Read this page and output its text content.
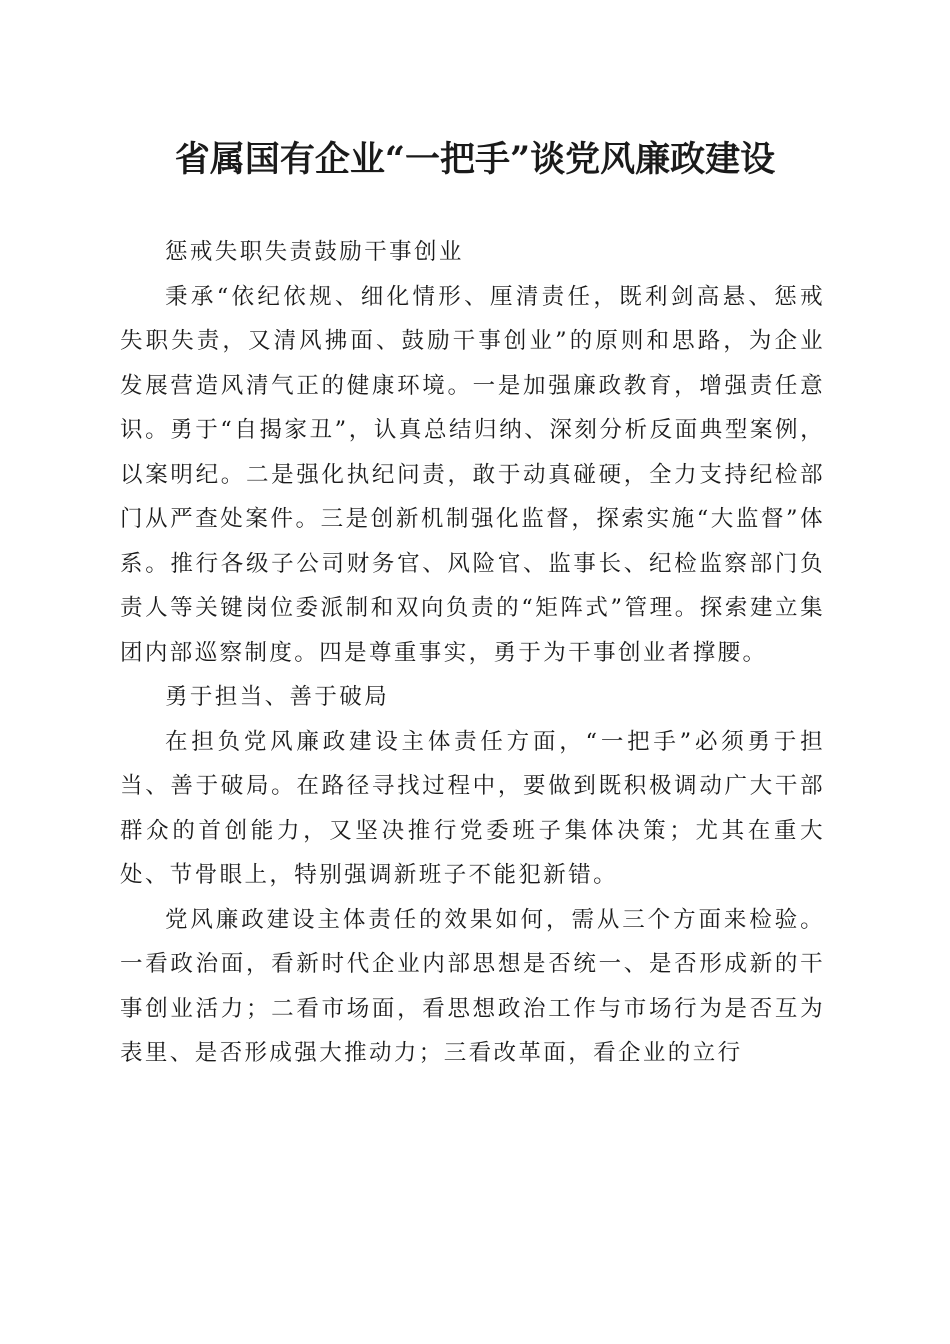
省属国有企业“一把手”谈党风廉政建设

惩戒失职失责鼓励干事创业

秉承“依纪依规、细化情形、厘清责任，既利剑高悬、惩戒失职失责，又清风拂面、鼓励干事创业”的原则和思路，为企业发展营造风清气正的健康环境。一是加强廉政教育，增强责任意识。勇于“自揭家丑”，认真总结归纳、深刻分析反面典型案例，以案明纪。二是强化执纪问责，敢于动真碰硬，全力支持纪检部门从严查处案件。三是创新机制强化监督，探索实施“大监督”体系。推行各级子公司财务官、风险官、监事长、纪检监察部门负责人等关键岗位委派制和双向负责的“矩阵式”管理。探索建立集团内部巡察制度。四是尊重事实，勇于为干事创业者撑腰。

勇于担当、善于破局

在担负党风廉政建设主体责任方面，“一把手”必须勇于担当、善于破局。在路径寻找过程中，要做到既积极调动广大干部群众的首创能力，又坚决推行党委班子集体决策；尤其在重大处、节骨眼上，特别强调新班子不能犯新错。

党风廉政建设主体责任的效果如何，需从三个方面来检验。一看政治面，看新时代企业内部思想是否统一、是否形成新的干事创业活力；二看市场面，看思想政治工作与市场行为是否互为表里、是否形成强大推动力；三看改革面，看企业的立行
